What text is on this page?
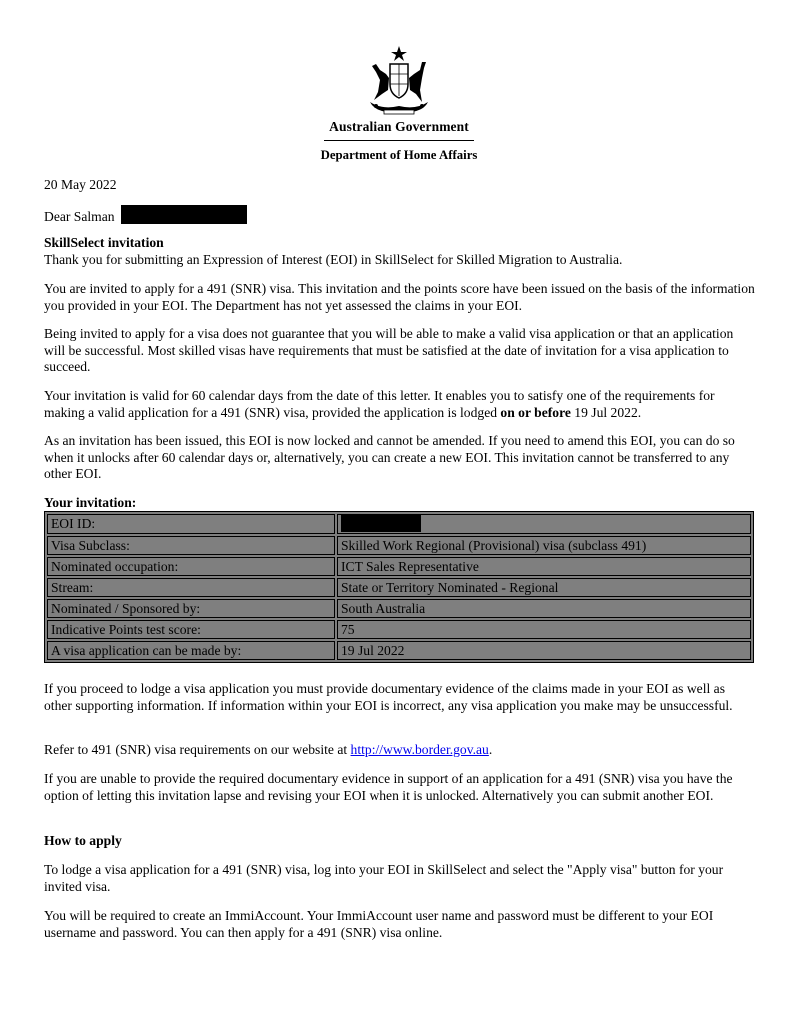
Australian Government
Department of Home Affairs

20 May 2022

Dear Salman

SkillSelect invitation

Thank you for submitting an Expression of Interest (EOI) in SkillSelect for Skilled Migration to Australia.

You are invited to apply for a 491 (SNR) visa. This invitation and the points score have been issued on the basis of the information you provided in your EOI. The Department has not yet assessed the claims in your EOI.

Being invited to apply for a visa does not guarantee that you will be able to make a valid visa application or that an application will be successful. Most skilled visas have requirements that must be satisfied at the date of invitation for a visa application to succeed.

Your invitation is valid for 60 calendar days from the date of this letter. It enables you to satisfy one of the requirements for making a valid application for a 491 (SNR) visa, provided the application is lodged on or before 19 Jul 2022.

As an invitation has been issued, this EOI is now locked and cannot be amended. If you need to amend this EOI, you can do so when it unlocks after 60 calendar days or, alternatively, you can create a new EOI. This invitation cannot be transferred to any other EOI.

Your invitation:

EOI ID:	
Visa Subclass:	Skilled Work Regional (Provisional) visa (subclass 491)
Nominated occupation:	ICT Sales Representative
Stream:	State or Territory Nominated - Regional
Nominated / Sponsored by:	South Australia
Indicative Points test score:	75
A visa application can be made by:	19 Jul 2022

If you proceed to lodge a visa application you must provide documentary evidence of the claims made in your EOI as well as other supporting information. If information within your EOI is incorrect, any visa application you make may be unsuccessful.

Refer to 491 (SNR) visa requirements on our website at http://www.border.gov.au.

If you are unable to provide the required documentary evidence in support of an application for a 491 (SNR) visa you have the option of letting this invitation lapse and revising your EOI when it is unlocked. Alternatively you can submit another EOI.

How to apply

To lodge a visa application for a 491 (SNR) visa, log into your EOI in SkillSelect and select the "Apply visa" button for your invited visa.

You will be required to create an ImmiAccount. Your ImmiAccount user name and password must be different to your EOI username and password. You can then apply for a 491 (SNR) visa online.
